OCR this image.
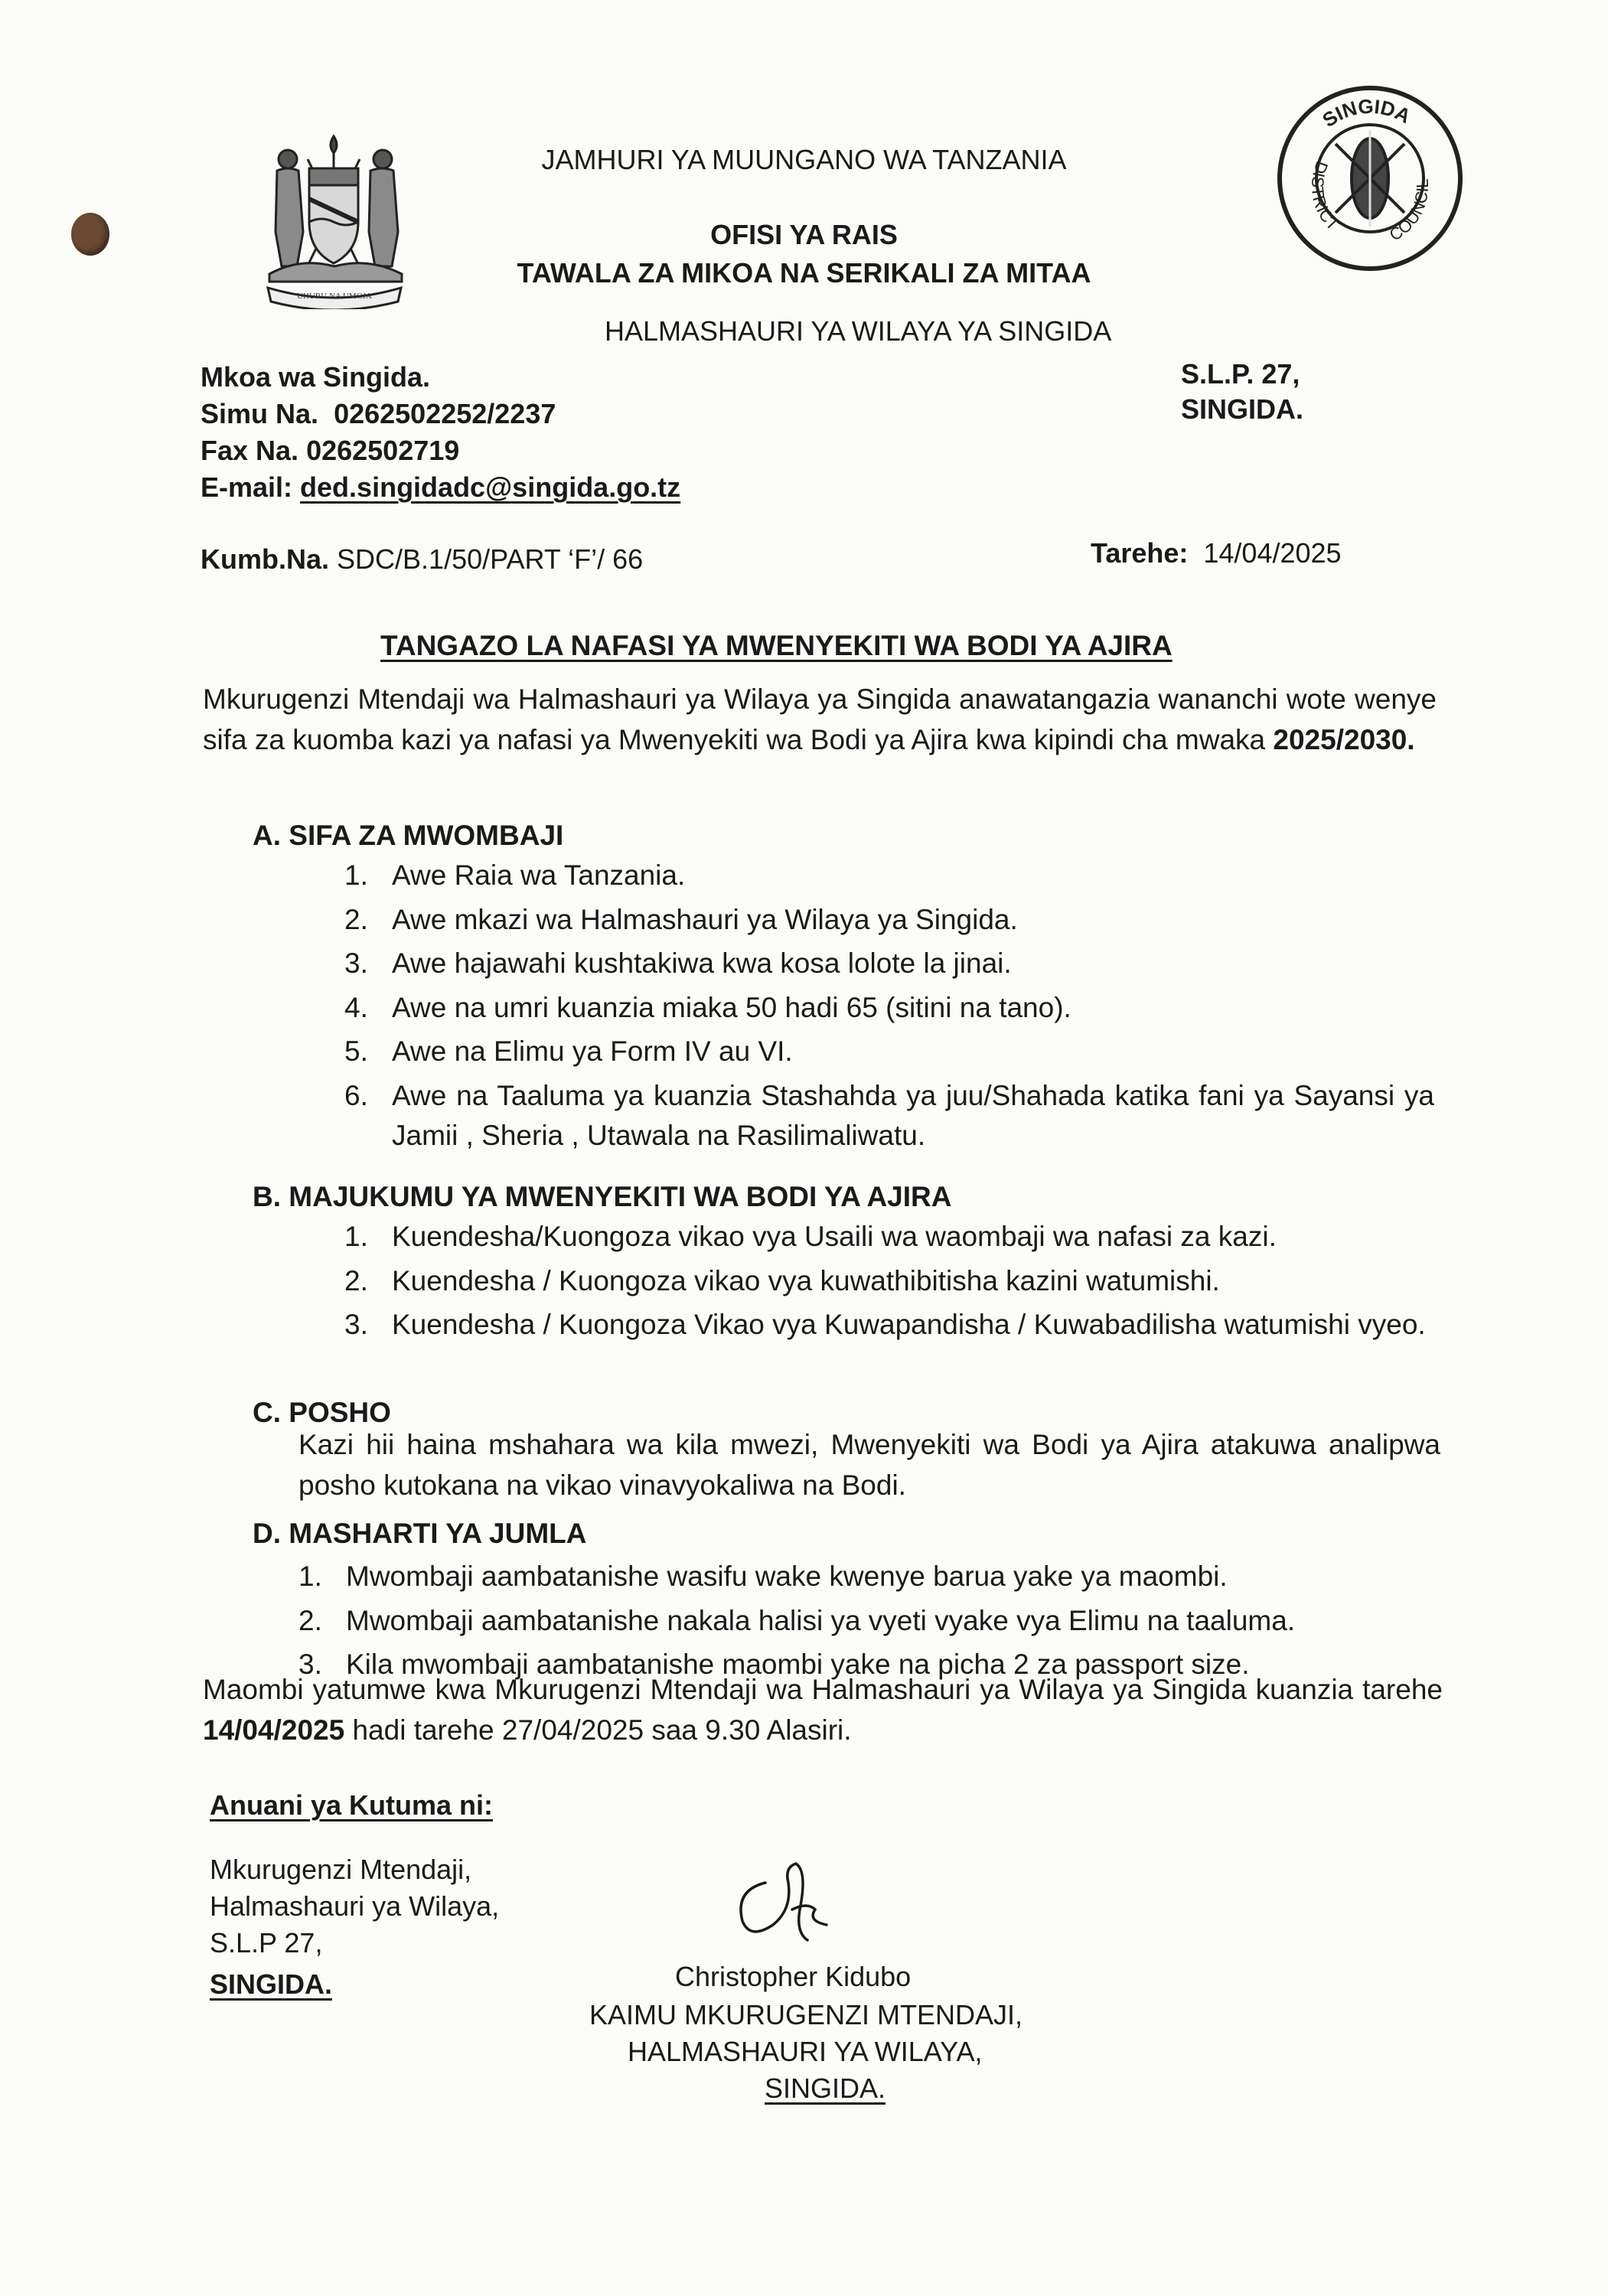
UHURU NA UMOJA
SINGIDA
DISTRICT	COUNCIL
JAMHURI YA MUUNGANO WA TANZANIA
OFISI YA RAIS
TAWALA ZA MIKOA NA SERIKALI ZA MITAA
HALMASHAURI YA WILAYA YA SINGIDA
Mkoa wa Singida.
Simu Na. 0262502252/2237
Fax Na. 0262502719
E-mail: ded.singidadc@singida.go.tz
S.L.P. 27,
SINGIDA.
Kumb.Na. SDC/B.1/50/PART ‘F’/ 66	Tarehe: 14/04/2025
TANGAZO LA NAFASI YA MWENYEKITI WA BODI YA AJIRA
Mkurugenzi Mtendaji wa Halmashauri ya Wilaya ya Singida anawatangazia wananchi wote wenye sifa za kuomba kazi ya nafasi ya Mwenyekiti wa Bodi ya Ajira kwa kipindi cha mwaka 2025/2030.
A. SIFA ZA MWOMBAJI
1. Awe Raia wa Tanzania.
2. Awe mkazi wa Halmashauri ya Wilaya ya Singida.
3. Awe hajawahi kushtakiwa kwa kosa lolote la jinai.
4. Awe na umri kuanzia miaka 50 hadi 65 (sitini na tano).
5. Awe na Elimu ya Form IV au VI.
6. Awe na Taaluma ya kuanzia Stashahda ya juu/Shahada katika fani ya Sayansi ya Jamii , Sheria , Utawala na Rasilimaliwatu.
B. MAJUKUMU YA MWENYEKITI WA BODI YA AJIRA
1. Kuendesha/Kuongoza vikao vya Usaili wa waombaji wa nafasi za kazi.
2. Kuendesha / Kuongoza vikao vya kuwathibitisha kazini watumishi.
3. Kuendesha / Kuongoza Vikao vya Kuwapandisha / Kuwabadilisha watumishi vyeo.
C. POSHO
Kazi hii haina mshahara wa kila mwezi, Mwenyekiti wa Bodi ya Ajira atakuwa analipwa posho kutokana na vikao vinavyokaliwa na Bodi.
D. MASHARTI YA JUMLA
1. Mwombaji aambatanishe wasifu wake kwenye barua yake ya maombi.
2. Mwombaji aambatanishe nakala halisi ya vyeti vyake vya Elimu na taaluma.
3. Kila mwombaji aambatanishe maombi yake na picha 2 za passport size.
Maombi yatumwe kwa Mkurugenzi Mtendaji wa Halmashauri ya Wilaya ya Singida kuanzia tarehe 14/04/2025 hadi tarehe 27/04/2025 saa 9.30 Alasiri.
Anuani ya Kutuma ni:
Mkurugenzi Mtendaji,
Halmashauri ya Wilaya,
S.L.P 27,
SINGIDA.	Christopher Kidubo
KAIMU MKURUGENZI MTENDAJI,
HALMASHAURI YA WILAYA,
SINGIDA.
